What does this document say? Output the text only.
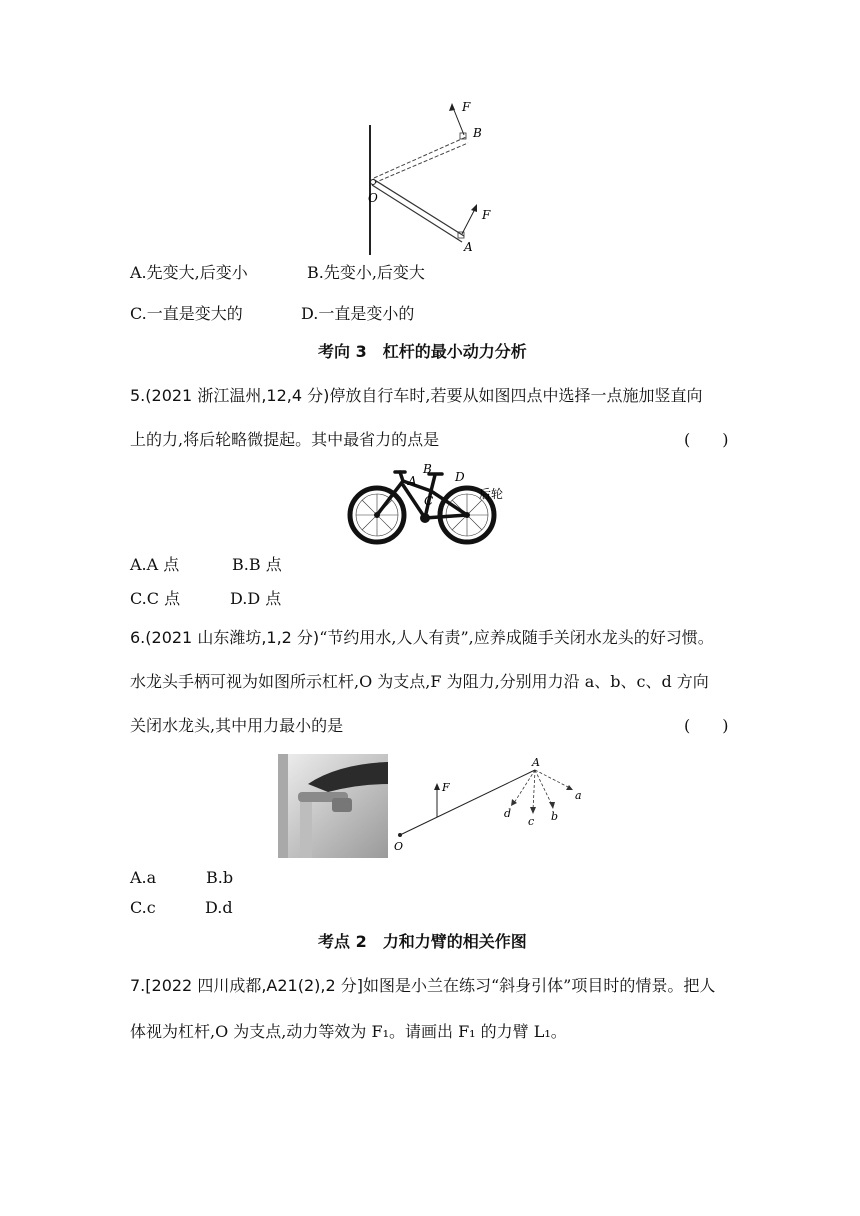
F
B
O
F
A
A.先变大,后变小	B.先变小,后变大
C.一直是变大的	D.一直是变小的
考向 3　杠杆的最小动力分析
5.(2021 浙江温州,12,4 分)停放自行车时,若要从如图四点中选择一点施加竖直向
上的力,将后轮略微提起。其中最省力的点是	(　　)
A
B
C
D
后轮
A.A 点	B.B 点
C.C 点	D.D 点
6.(2021 山东潍坊,1,2 分)“节约用水,人人有责”,应养成随手关闭水龙头的好习惯。
水龙头手柄可视为如图所示杠杆,O 为支点,F 为阻力,分别用力沿 a、b、c、d 方向
关闭水龙头,其中用力最小的是	(　　)
F
A
O
a
b
c
d
A.a	B.b
C.c	D.d
考点 2　力和力臂的相关作图
7.[2022 四川成都,A21(2),2 分]如图是小兰在练习“斜身引体”项目时的情景。把人
体视为杠杆,O 为支点,动力等效为 F₁。请画出 F₁ 的力臂 L₁。
